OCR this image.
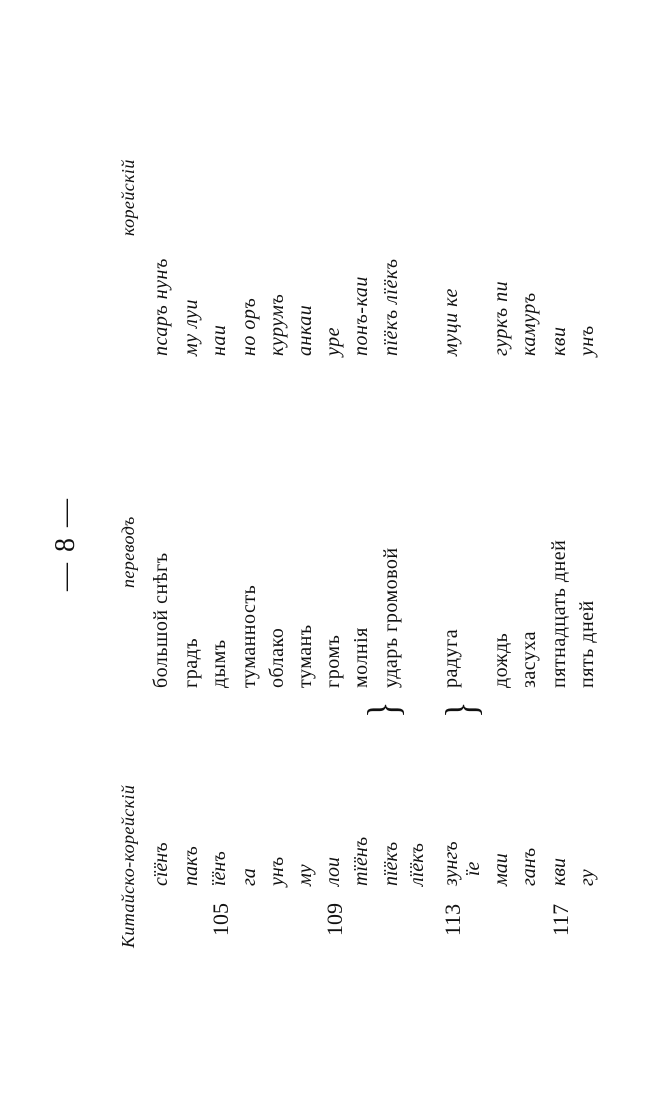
— 8 —
Китайско-корейскій
переводъ
корейскій
сїёнъ
большой снѣгъ
псаръ нунъ
пакъ
градъ
му луи
105
їёнъ
дымъ
наи
га
туманность
но оръ
унъ
облако
курумъ
му
туманъ
анкаи
109
лои
громъ
уре
тїёнъ
молнія
понъ-каи
пїёкъ
ударъ громовой
пїёкъ лїёкъ
лїёкъ
113
зунгъ
радуга
муци ке
їе маи
дождь
гуркъ пи
ганъ
засуха
камуръ
117
кви
пятнадцать дней
кви
гу
пять дней
унъ
} }
